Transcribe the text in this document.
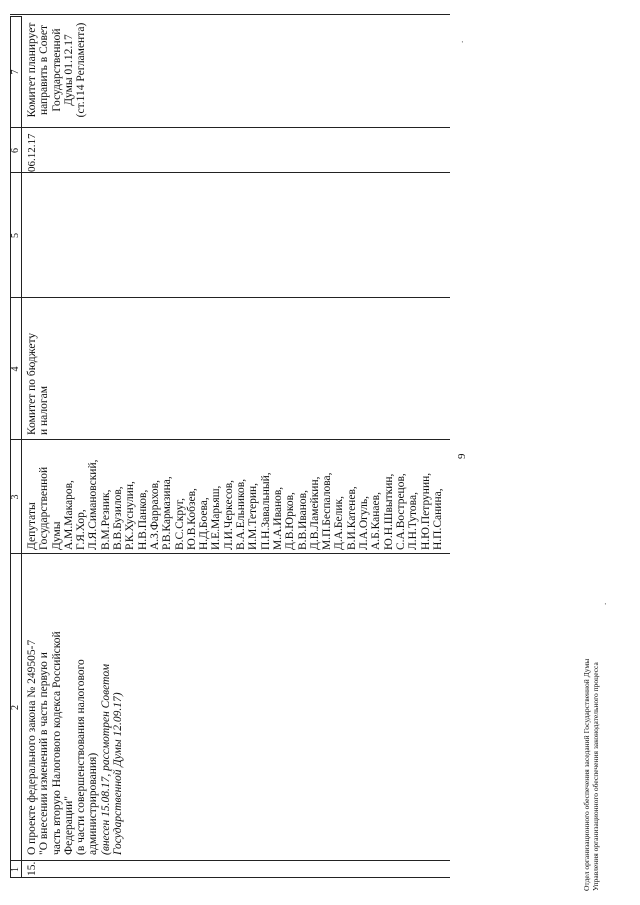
9
1
2
3
4
5
6
7
15.
О проекте федерального закона № 249505-7 "О внесении изменений в часть первую и часть вторую Налогового кодекса Российской Федерации" (в части совершенствования налогового администрирования) (внесен 15.08.17, рассмотрен Советом Государственной Думы 12.09.17)
Депутаты Государственной Думы А.М.Макаров, Г.Я.Хор, Л.Я.Симановский, В.М.Резник, В.В.Бузилов, Р.К.Хуснулин, Н.В.Панков, А.З.Фаррахов, Р.В.Кармазина, В.С.Скруг, Ю.В.Кобзев, Н.Д.Боева, И.Е.Марьяш, Л.И.Черкесов, В.А.Ельников, И.М.Тетерин, П.Н.Завальный, М.А.Иванов, Д.В.Юрков, В.В.Иванов, Д.В.Ламейкин, М.П.Беспалова, Д.А.Белик, В.И.Катенев, Л.А.Огуль, А.Б.Канаев, Ю.Н.Швыткин, С.А.Вострецов, Л.Н.Тутова, Н.Ю.Петрунин, Н.П.Санина,
Комитет по бюджету и налогам
06.12.17
Комитет планирует направить в Совет Государственной Думы 01.12.17 (ст.114 Регламента)
Отдел организационного обеспечения заседаний Государственной Думы Управления организационного обеспечения законодательного процесса
.
.
